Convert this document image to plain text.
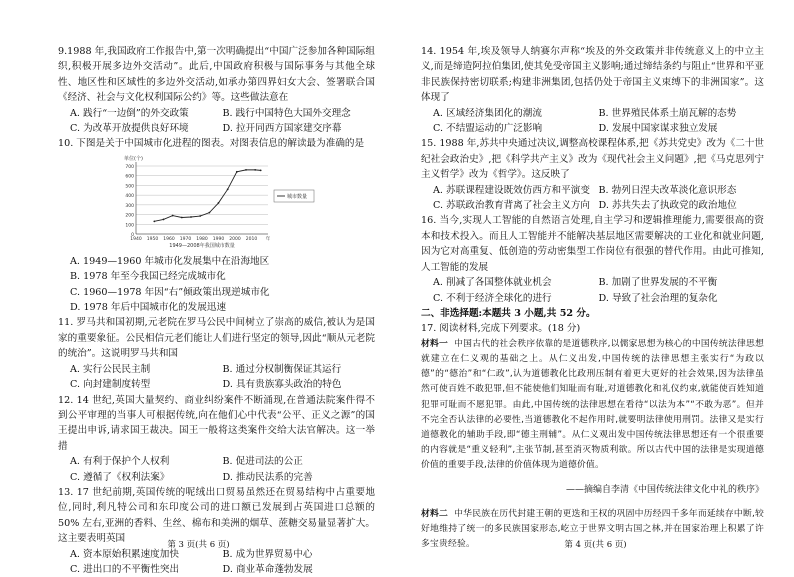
9.1988 年,我国政府工作报告中,第一次明确提出“中国广泛参加各种国际组织,积极开展多边外交活动”。此后,中国政府积极与国际事务与其他全球性、地区性和区域性的多边外交活动,如承办第四界妇女大会、签署联合国《经济、社会与文化权利国际公约》等。这些做法意在

A. 践行“一边倒”的外交政策	B. 践行中国特色大国外交理念
C. 为改革开放提供良好环境	D. 拉开同西方国家建交序幕

10. 下图是关于中国城市化进程的图表。对图表信息的解读最为准确的是

0
100
200
300
400
500
600
700
1940 1950 1960 1970 1980 1990 2000 2010 年
单位(个)
1949—2008年我国城市数量
城市数量

A. 1949—1960 年城市化发展集中在沿海地区

B. 1978 年至今我国已经完成城市化

C. 1960—1978 年因“右”倾政策出现逆城市化

D. 1978 年后中国城市化的发展迅速

11. 罗马共和国初期,元老院在罗马公民中间树立了崇高的威信,被认为是国家的重要象征。公民相信元老们能让人们进行坚定的领导,因此“顺从元老院的统治”。这说明罗马共和国

A. 实行公民民主制	B. 通过分权制衡保证其运行
C. 向封建制度转型	D. 具有贵族寡头政治的特色

12. 14 世纪,英国大量契约、商业纠纷案件不断涌现,在普通法院案件得不到公平审理的当事人可根据传统,向在他们心中代表“公平、正义之源”的国王提出申诉,请求国王裁决。国王一般将这类案件交给大法官解决。这一举措

A. 有利于保护个人权利	B. 促进司法的公正
C. 遵循了《权利法案》	D. 推动民法系的完善

13. 17 世纪前期,英国传统的呢绒出口贸易虽然还在贸易结构中占重要地位,同时,利凡特公司和东印度公司的进口额已发展到占英国进口总额的 50% 左右,亚洲的香料、生丝、棉布和美洲的烟草、蔗糖交易量显著扩大。这主要表明英国

A. 资本原始积累速度加快	B. 成为世界贸易中心
C. 进出口的不平衡性突出	D. 商业革命蓬勃发展
第 3 页(共 6 页)

14. 1954 年,埃及领导人纳赛尔声称“埃及的外交政策并非传统意义上的中立主义,而是缔造阿拉伯集团,使其免受帝国主义影响;通过缔结条约与阻止“世界和平亚非民族保持密切联系;构建非洲集团,包括仍处于帝国主义束缚下的非洲国家”。这体现了

A. 区域经济集团化的潮流	B. 世界殖民体系土崩瓦解的态势
C. 不结盟运动的广泛影响	D. 发展中国家谋求独立发展

15. 1988 年,苏共中央通过决议,调整高校课程体系,把《苏共党史》改为《二十世纪社会政治史》,把《科学共产主义》改为《现代社会主义问题》,把《马克思列宁主义哲学》改为《哲学》。这反映了

A. 苏联课程建设既效仿西方和平演变 B. 勃列日涅夫改革淡化意识形态
C. 苏联政治教育背离了社会主义方向 D. 苏共失去了执政党的政治地位

16. 当今,实现人工智能的自然语言处理,自主学习和逻辑推理能力,需要很高的资本和技术投入。而且人工智能并不能解决基层地区需要解决的工业化和就业问题,因为它对高重复、低创造的劳动密集型工作岗位有很强的替代作用。由此可推知,人工智能的发展

A. 削减了各国整体就业机会	B. 加剧了世界发展的不平衡
C. 不利于经济全球化的进行	D. 导致了社会治理的复杂化

二、非选择题:本题共 3 小题,共 52 分。

17. 阅读材料,完成下列要求。(18 分)

材料一 中国古代的社会秩序依靠的是道德秩序,以儒家思想为核心的中国传统法律思想就建立在仁义观的基础之上。从仁义出发,中国传统的法律思想主张实行“为政以德”的“德治”和“仁政”,认为道德教化比政刑压制有着更大更好的社会效果,因为法律虽然可使百姓不敢犯罪,但不能使他们知耻而有耻,对道德教化和礼仪约束,就能使百姓知道犯罪可耻而不愿犯罪。由此,中国传统的法律思想在看待“以法为本”“不敢为恶”。但并不完全否认法律的必要性,当道德教化不起作用时,就要明法律使用刑罚。法律又是实行道德教化的辅助手段,即“德主刑辅”。从仁义观出发中国传统法律思想还有一个很重要的内容就是“重义轻利”,主张节制,甚至消灭物质利欲。所以古代中国的法律是实现道德价值的重要手段,法律的价值体现为道德价值。

——摘编自李清《中国传统法律文化中礼的秩序》

材料二 中华民族在历代封建王朝的更迭和王权的巩固中历经四千多年而延续存中断,较好地维持了统一的多民族国家形态,屹立于世界文明古国之林,并在国家治理上积累了许多宝贵经验。	第 4 页(共 6 页)
